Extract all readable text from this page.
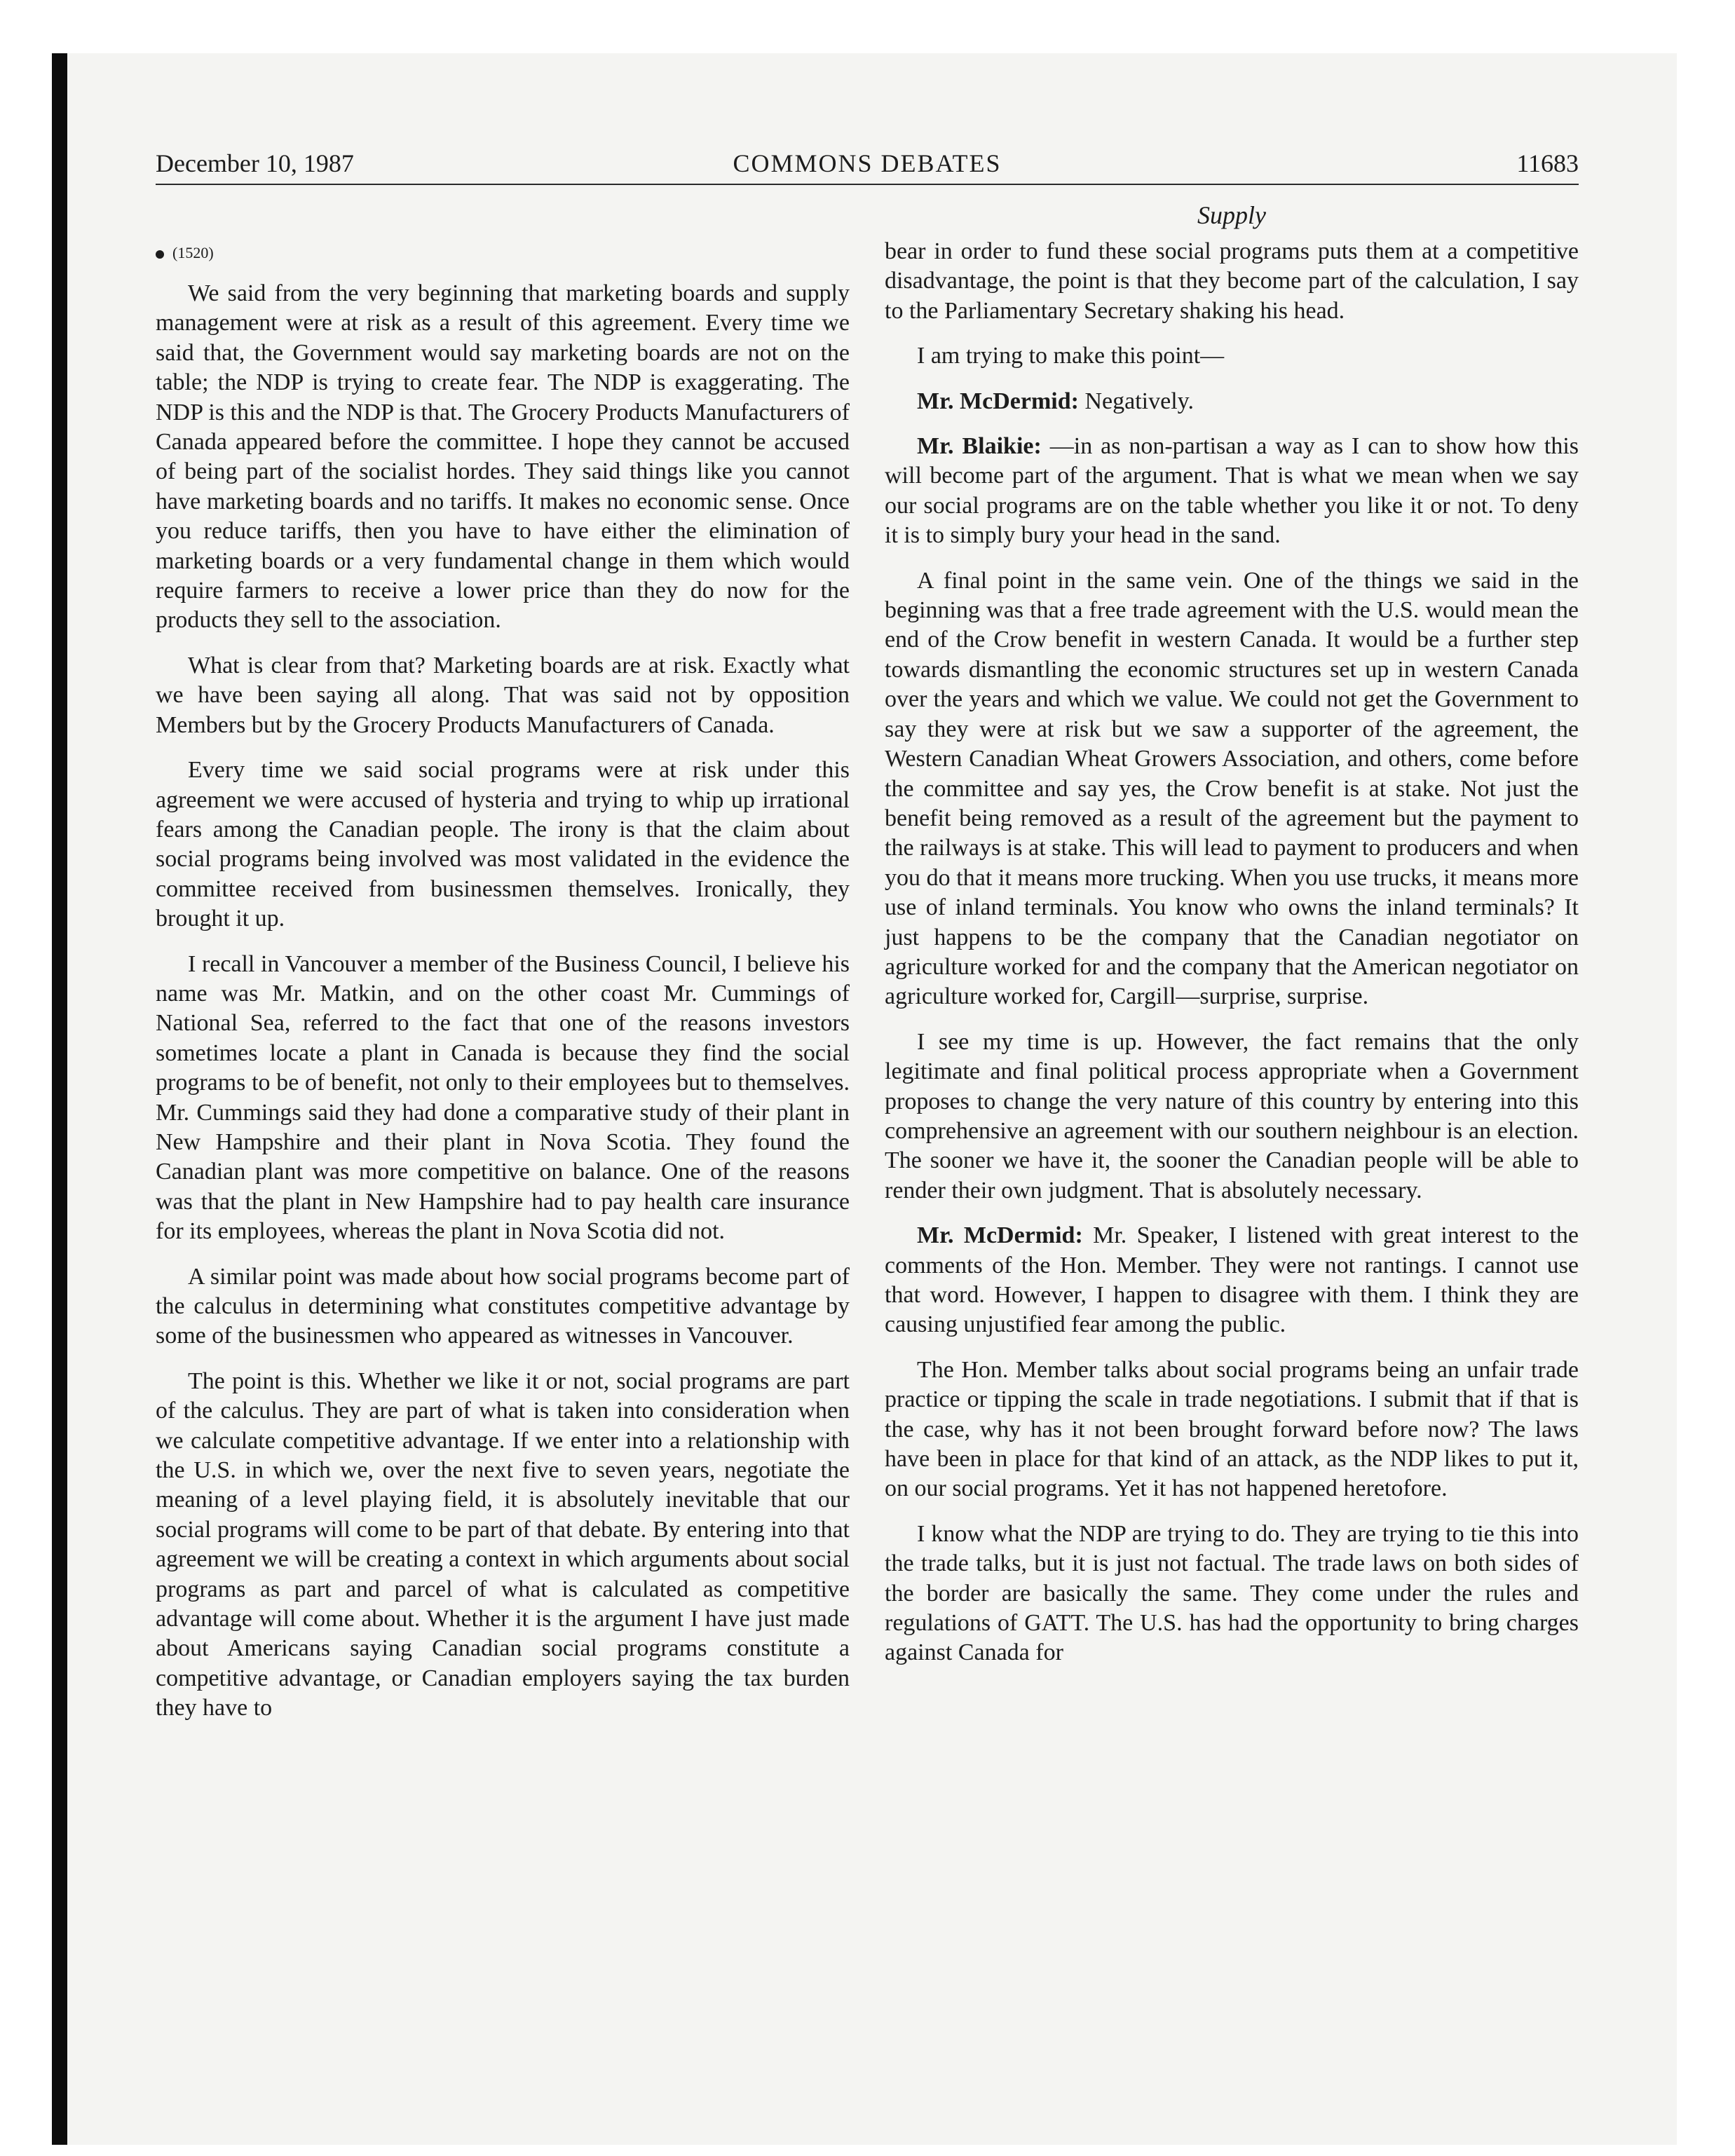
December 10, 1987	COMMONS DEBATES	11683
Supply
(1520)

We said from the very beginning that marketing boards and supply management were at risk as a result of this agreement. Every time we said that, the Government would say marketing boards are not on the table; the NDP is trying to create fear. The NDP is exaggerating. The NDP is this and the NDP is that. The Grocery Products Manufacturers of Canada appeared before the committee. I hope they cannot be accused of being part of the socialist hordes. They said things like you cannot have marketing boards and no tariffs. It makes no economic sense. Once you reduce tariffs, then you have to have either the elimination of marketing boards or a very fundamental change in them which would require farmers to receive a lower price than they do now for the products they sell to the association.

What is clear from that? Marketing boards are at risk. Exactly what we have been saying all along. That was said not by opposition Members but by the Grocery Products Manufacturers of Canada.

Every time we said social programs were at risk under this agreement we were accused of hysteria and trying to whip up irrational fears among the Canadian people. The irony is that the claim about social programs being involved was most validated in the evidence the committee received from businessmen themselves. Ironically, they brought it up.

I recall in Vancouver a member of the Business Council, I believe his name was Mr. Matkin, and on the other coast Mr. Cummings of National Sea, referred to the fact that one of the reasons investors sometimes locate a plant in Canada is because they find the social programs to be of benefit, not only to their employees but to themselves. Mr. Cummings said they had done a comparative study of their plant in New Hampshire and their plant in Nova Scotia. They found the Canadian plant was more competitive on balance. One of the reasons was that the plant in New Hampshire had to pay health care insurance for its employees, whereas the plant in Nova Scotia did not.

A similar point was made about how social programs become part of the calculus in determining what constitutes competitive advantage by some of the businessmen who appeared as witnesses in Vancouver.

The point is this. Whether we like it or not, social programs are part of the calculus. They are part of what is taken into consideration when we calculate competitive advantage. If we enter into a relationship with the U.S. in which we, over the next five to seven years, negotiate the meaning of a level playing field, it is absolutely inevitable that our social programs will come to be part of that debate. By entering into that agreement we will be creating a context in which arguments about social programs as part and parcel of what is calculated as competitive advantage will come about. Whether it is the argument I have just made about Americans saying Canadian social programs constitute a competitive advantage, or Canadian employers saying the tax burden they have to

bear in order to fund these social programs puts them at a competitive disadvantage, the point is that they become part of the calculation, I say to the Parliamentary Secretary shaking his head.

I am trying to make this point—

Mr. McDermid: Negatively.

Mr. Blaikie: —in as non-partisan a way as I can to show how this will become part of the argument. That is what we mean when we say our social programs are on the table whether you like it or not. To deny it is to simply bury your head in the sand.

A final point in the same vein. One of the things we said in the beginning was that a free trade agreement with the U.S. would mean the end of the Crow benefit in western Canada. It would be a further step towards dismantling the economic structures set up in western Canada over the years and which we value. We could not get the Government to say they were at risk but we saw a supporter of the agreement, the Western Canadian Wheat Growers Association, and others, come before the committee and say yes, the Crow benefit is at stake. Not just the benefit being removed as a result of the agreement but the payment to the railways is at stake. This will lead to payment to producers and when you do that it means more trucking. When you use trucks, it means more use of inland terminals. You know who owns the inland terminals? It just happens to be the company that the Canadian negotiator on agriculture worked for and the company that the American negotiator on agriculture worked for, Cargill—surprise, surprise.

I see my time is up. However, the fact remains that the only legitimate and final political process appropriate when a Government proposes to change the very nature of this country by entering into this comprehensive an agreement with our southern neighbour is an election. The sooner we have it, the sooner the Canadian people will be able to render their own judgment. That is absolutely necessary.

Mr. McDermid: Mr. Speaker, I listened with great interest to the comments of the Hon. Member. They were not rantings. I cannot use that word. However, I happen to disagree with them. I think they are causing unjustified fear among the public.

The Hon. Member talks about social programs being an unfair trade practice or tipping the scale in trade negotiations. I submit that if that is the case, why has it not been brought forward before now? The laws have been in place for that kind of an attack, as the NDP likes to put it, on our social programs. Yet it has not happened heretofore.

I know what the NDP are trying to do. They are trying to tie this into the trade talks, but it is just not factual. The trade laws on both sides of the border are basically the same. They come under the rules and regulations of GATT. The U.S. has had the opportunity to bring charges against Canada for
